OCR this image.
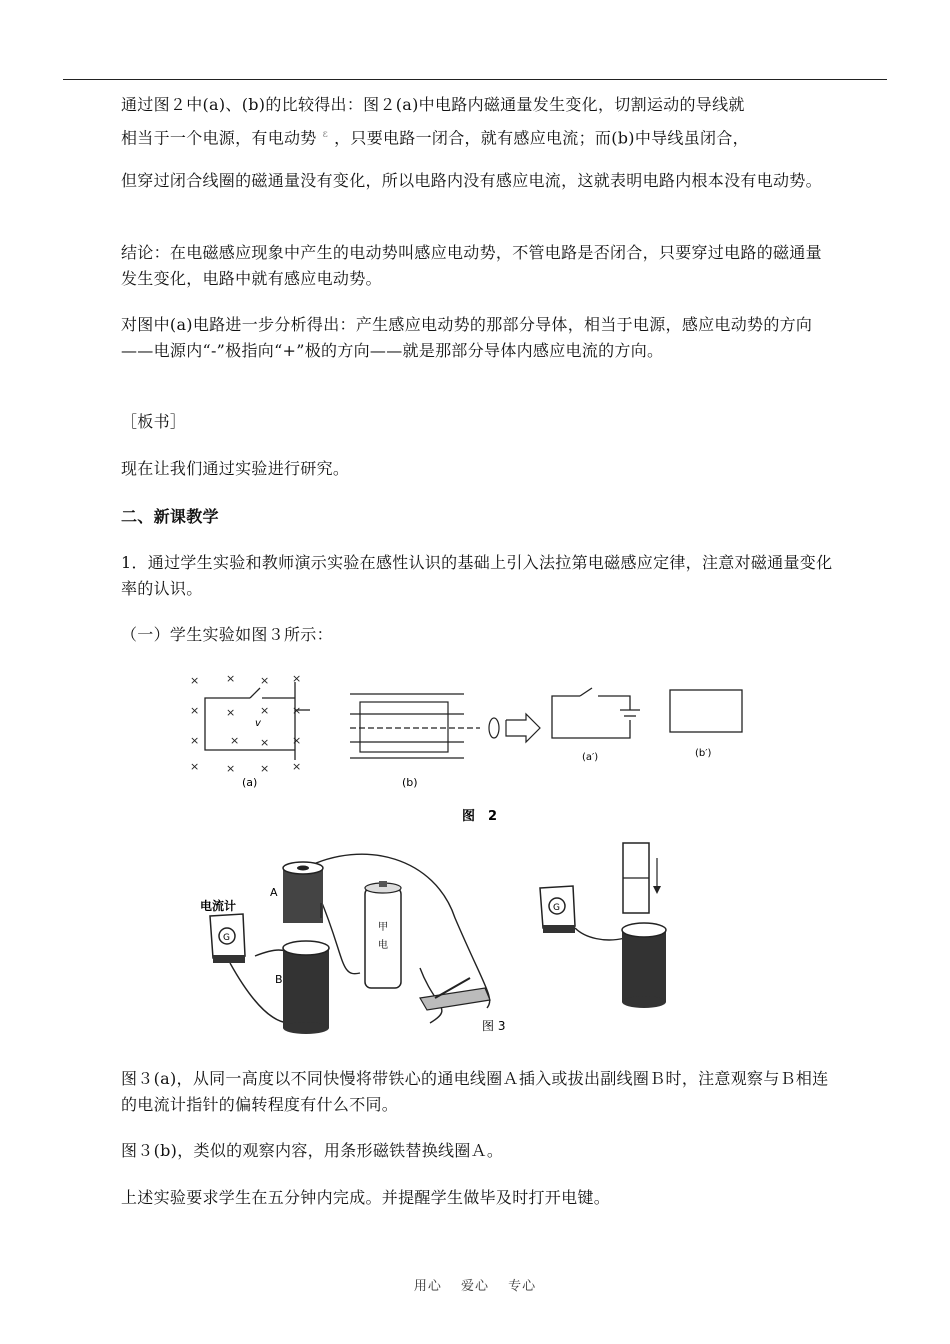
通过图２中(a)、(b)的比较得出：图２(a)中电路内磁通量发生变化，切割运动的导线就

相当于一个电源，有电动势 $^\varepsilon$ ，只要电路一闭合，就有感应电流；而(b)中导线虽闭合，

但穿过闭合线圈的磁通量没有变化，所以电路内没有感应电流，这就表明电路内根本没有电动势。

结论：在电磁感应现象中产生的电动势叫感应电动势，不管电路是否闭合，只要穿过电路的磁通量发生变化，电路中就有感应电动势。

对图中(a)电路进一步分析得出：产生感应电动势的那部分导体，相当于电源，感应电动势的方向——电源内“-”极指向“+”极的方向——就是那部分导体内感应电流的方向。

［板书］

现在让我们通过实验进行研究。

二、新课教学

1．通过学生实验和教师演示实验在感性认识的基础上引入法拉第电磁感应定律，注意对磁通量变化率的认识。

（一）学生实验如图３所示：

× × × ×
× × × ×
×	× × ×
× × × ×
v
(a)	(b)
(a′)	(b′)
图　2
G
电流计
A
B
甲
电
G
图 3

图３(a)，从同一高度以不同快慢将带铁心的通电线圈Ａ插入或拔出副线圈Ｂ时，注意观察与Ｂ相连的电流计指针的偏转程度有什么不同。

图３(b)，类似的观察内容，用条形磁铁替换线圈Ａ。

上述实验要求学生在五分钟内完成。并提醒学生做毕及时打开电键。

用心 爱心 专心
